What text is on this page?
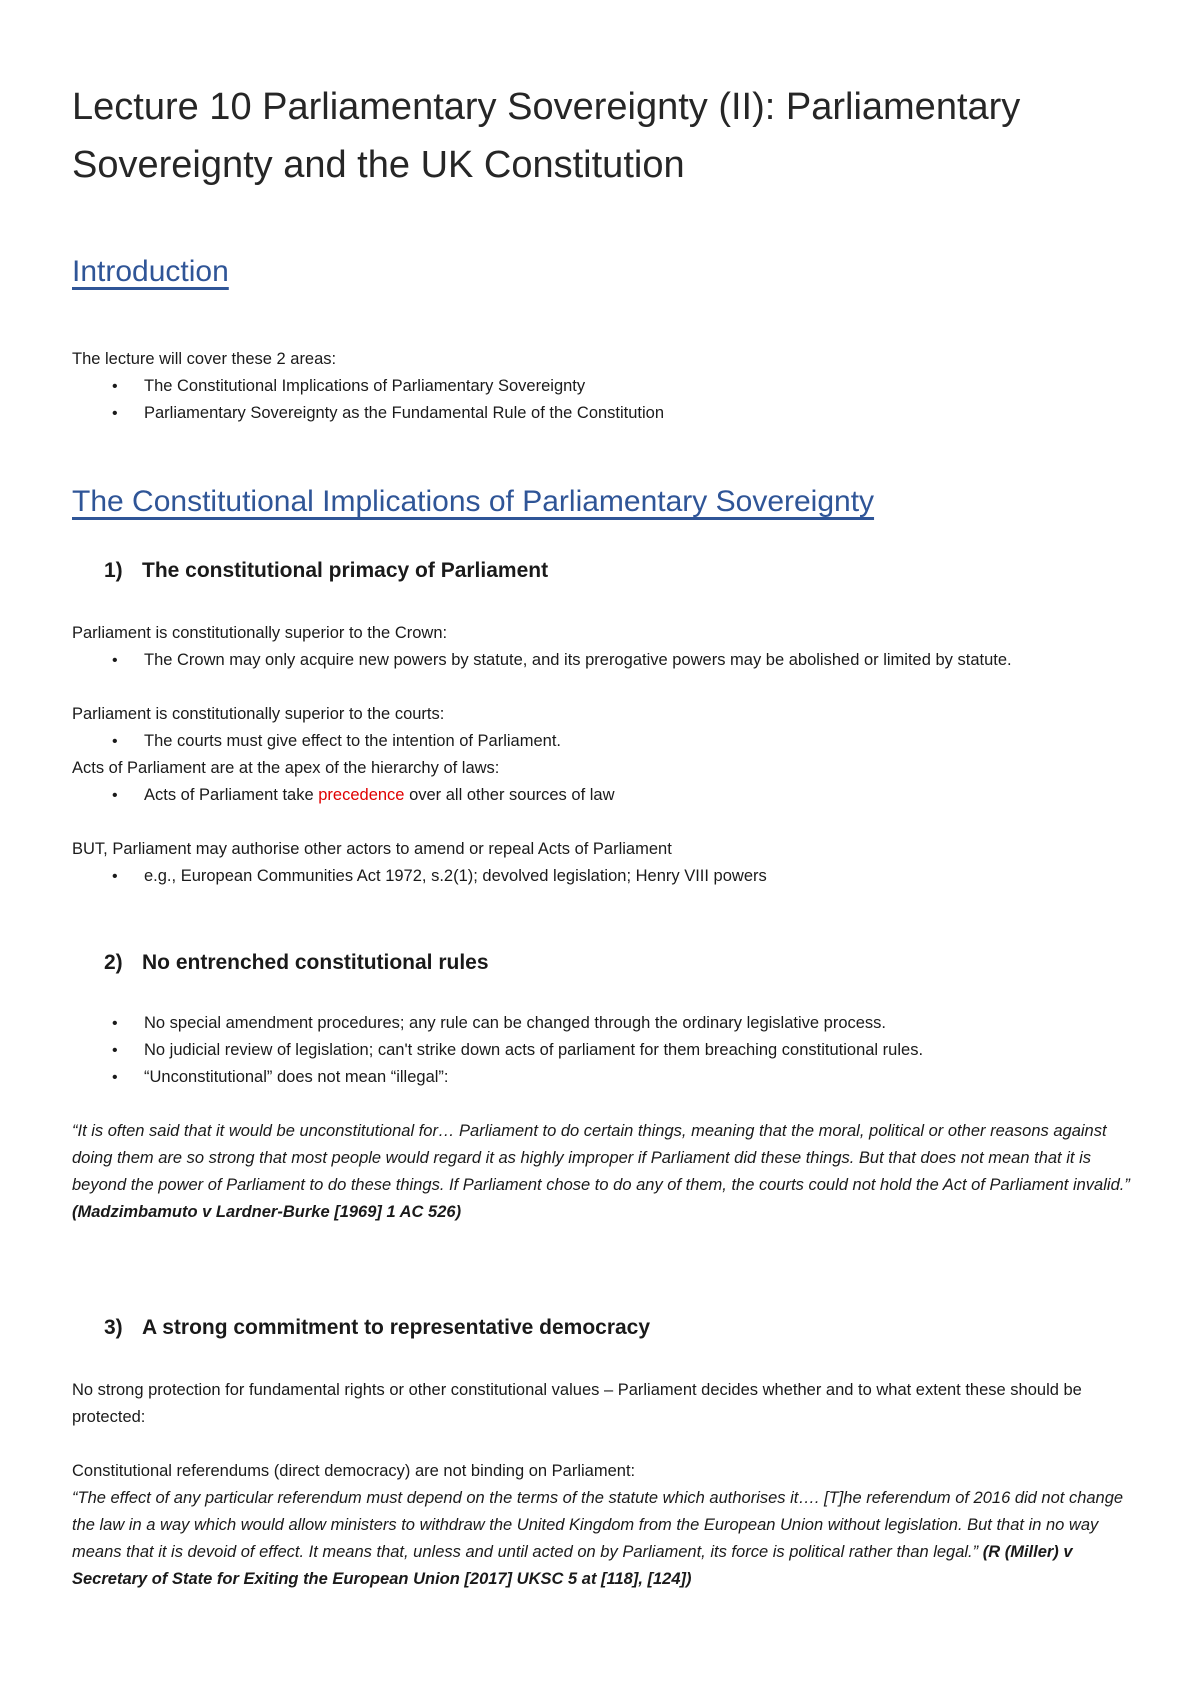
Lecture 10 Parliamentary Sovereignty (II): Parliamentary Sovereignty and the UK Constitution
Introduction

The lecture will cover these 2 areas:

• The Constitutional Implications of Parliamentary Sovereignty
• Parliamentary Sovereignty as the Fundamental Rule of the Constitution
The Constitutional Implications of Parliamentary Sovereignty
1) The constitutional primacy of Parliament

Parliament is constitutionally superior to the Crown:

• The Crown may only acquire new powers by statute, and its prerogative powers may be abolished or limited by statute.

Parliament is constitutionally superior to the courts:

• The courts must give effect to the intention of Parliament.

Acts of Parliament are at the apex of the hierarchy of laws:

• Acts of Parliament take precedence over all other sources of law

BUT, Parliament may authorise other actors to amend or repeal Acts of Parliament

• e.g., European Communities Act 1972, s.2(1); devolved legislation; Henry VIII powers
2) No entrenched constitutional rules
• No special amendment procedures; any rule can be changed through the ordinary legislative process.
• No judicial review of legislation; can't strike down acts of parliament for them breaching constitutional rules.
• “Unconstitutional” does not mean “illegal”:

“It is often said that it would be unconstitutional for… Parliament to do certain things, meaning that the moral, political or other reasons against doing them are so strong that most people would regard it as highly improper if Parliament did these things. But that does not mean that it is beyond the power of Parliament to do these things. If Parliament chose to do any of them, the courts could not hold the Act of Parliament invalid.” (Madzimbamuto v Lardner-Burke [1969] 1 AC 526)

3) A strong commitment to representative democracy

No strong protection for fundamental rights or other constitutional values – Parliament decides whether and to what extent these should be protected:

Constitutional referendums (direct democracy) are not binding on Parliament:

“The effect of any particular referendum must depend on the terms of the statute which authorises it…. [T]he referendum of 2016 did not change the law in a way which would allow ministers to withdraw the United Kingdom from the European Union without legislation. But that in no way means that it is devoid of effect. It means that, unless and until acted on by Parliament, its force is political rather than legal.” (R (Miller) v Secretary of State for Exiting the European Union [2017] UKSC 5 at [118], [124])
